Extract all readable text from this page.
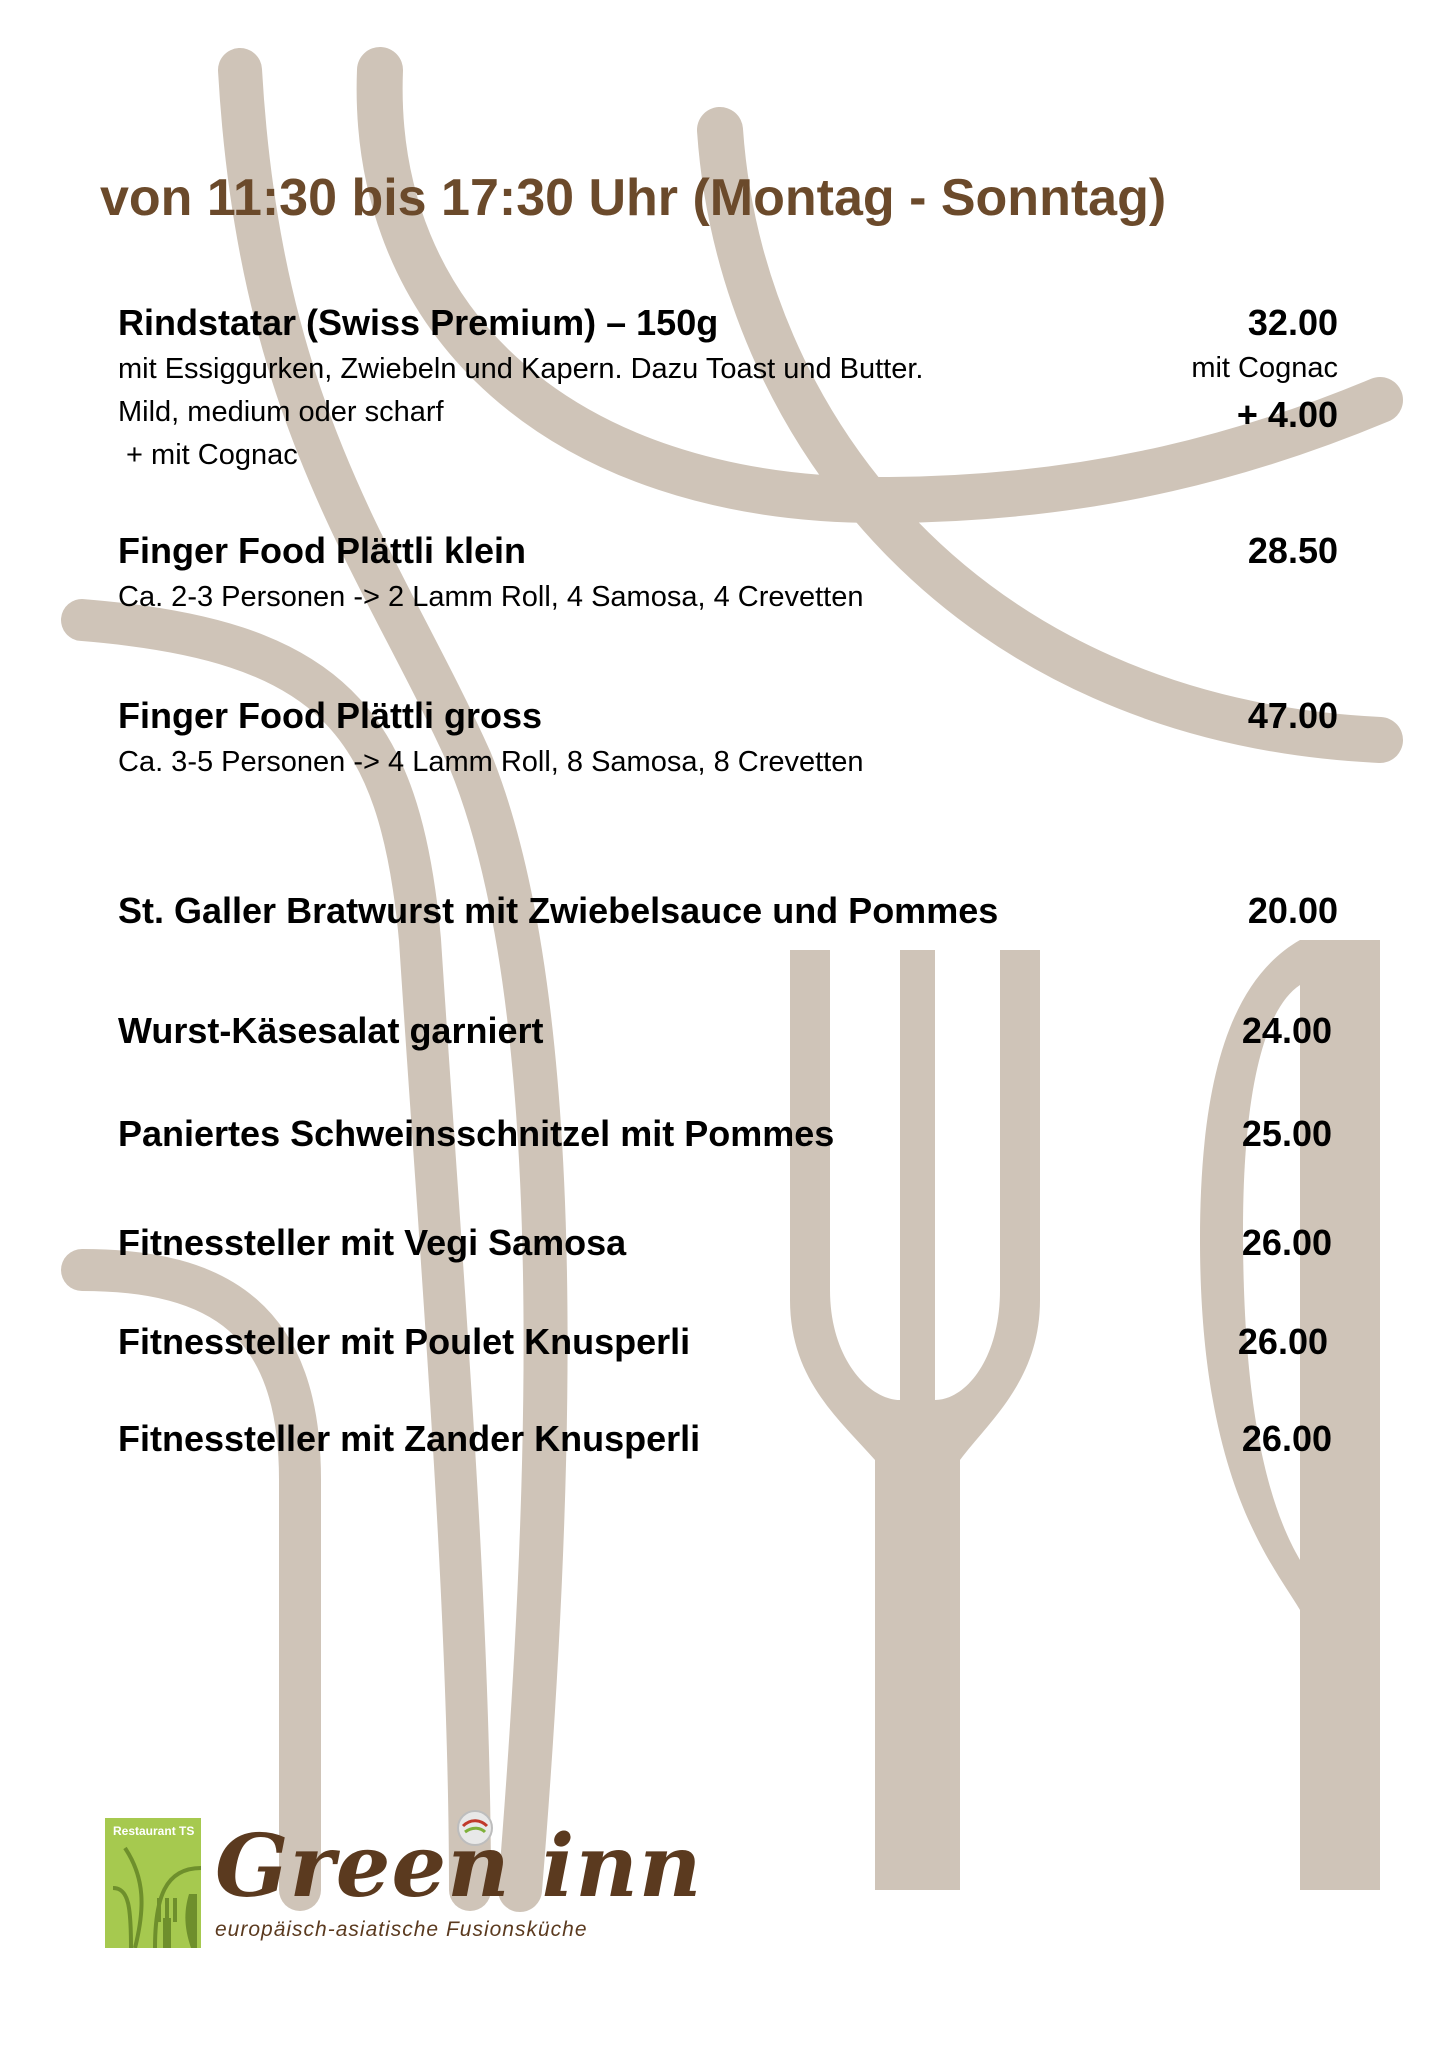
von 11:30 bis 17:30 Uhr (Montag - Sonntag)
Rindstatar (Swiss Premium) – 150g	32.00
mit Essiggurken, Zwiebeln und Kapern. Dazu Toast und Butter.
Mild, medium oder scharf
+ mit Cognac
mit Cognac
+ 4.00
Finger Food Plättli klein	28.50
Ca. 2-3 Personen -> 2 Lamm Roll, 4 Samosa, 4 Crevetten
Finger Food Plättli gross	47.00
Ca. 3-5 Personen -> 4 Lamm Roll, 8 Samosa, 8 Crevetten
St. Galler Bratwurst mit Zwiebelsauce und Pommes	20.00
Wurst-Käsesalat garniert	24.00
Paniertes Schweinsschnitzel mit Pommes	25.00
Fitnessteller mit Vegi Samosa	26.00
Fitnessteller mit Poulet Knusperli	26.00
Fitnessteller mit Zander Knusperli	26.00
Restaurant TS Green inn
europäisch-asiatische Fusionsküche
